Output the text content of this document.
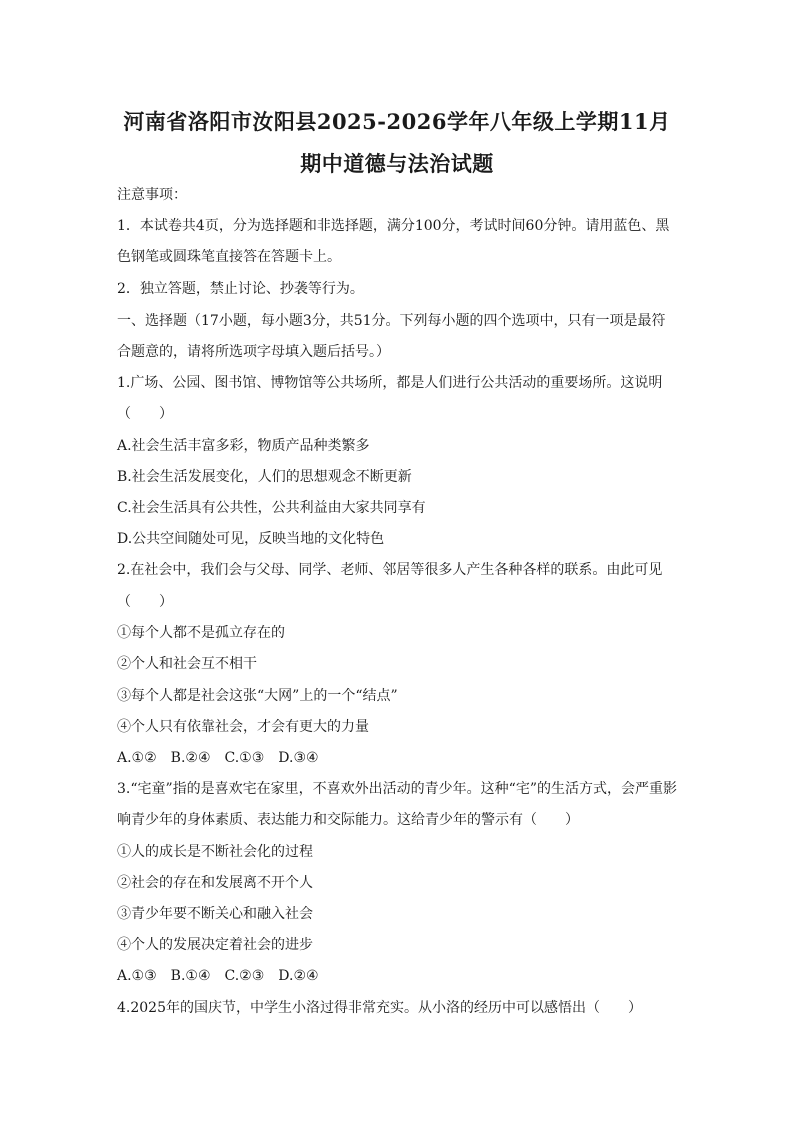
河南省洛阳市汝阳县2025-2026学年八年级上学期11月
期中道德与法治试题
注意事项：
1．本试卷共4页，分为选择题和非选择题，满分100分，考试时间60分钟。请用蓝色、黑
色钢笔或圆珠笔直接答在答题卡上。
2．独立答题，禁止讨论、抄袭等行为。
一、选择题（17小题，每小题3分，共51分。下列每小题的四个选项中，只有一项是最符
合题意的，请将所选项字母填入题后括号。）
1.广场、公园、图书馆、博物馆等公共场所，都是人们进行公共活动的重要场所。这说明
（　　）
A.社会生活丰富多彩，物质产品种类繁多
B.社会生活发展变化，人们的思想观念不断更新
C.社会生活具有公共性，公共利益由大家共同享有
D.公共空间随处可见，反映当地的文化特色
2.在社会中，我们会与父母、同学、老师、邻居等很多人产生各种各样的联系。由此可见
（　　）
①每个人都不是孤立存在的
②个人和社会互不相干
③每个人都是社会这张“大网”上的一个“结点”
④个人只有依靠社会，才会有更大的力量
A.①②　B.②④　C.①③　D.③④
3.“宅童”指的是喜欢宅在家里，不喜欢外出活动的青少年。这种“宅”的生活方式，会严重影
响青少年的身体素质、表达能力和交际能力。这给青少年的警示有（　　）
①人的成长是不断社会化的过程
②社会的存在和发展离不开个人
③青少年要不断关心和融入社会
④个人的发展决定着社会的进步
A.①③　B.①④　C.②③　D.②④
4.2025年的国庆节，中学生小洛过得非常充实。从小洛的经历中可以感悟出（　　）
